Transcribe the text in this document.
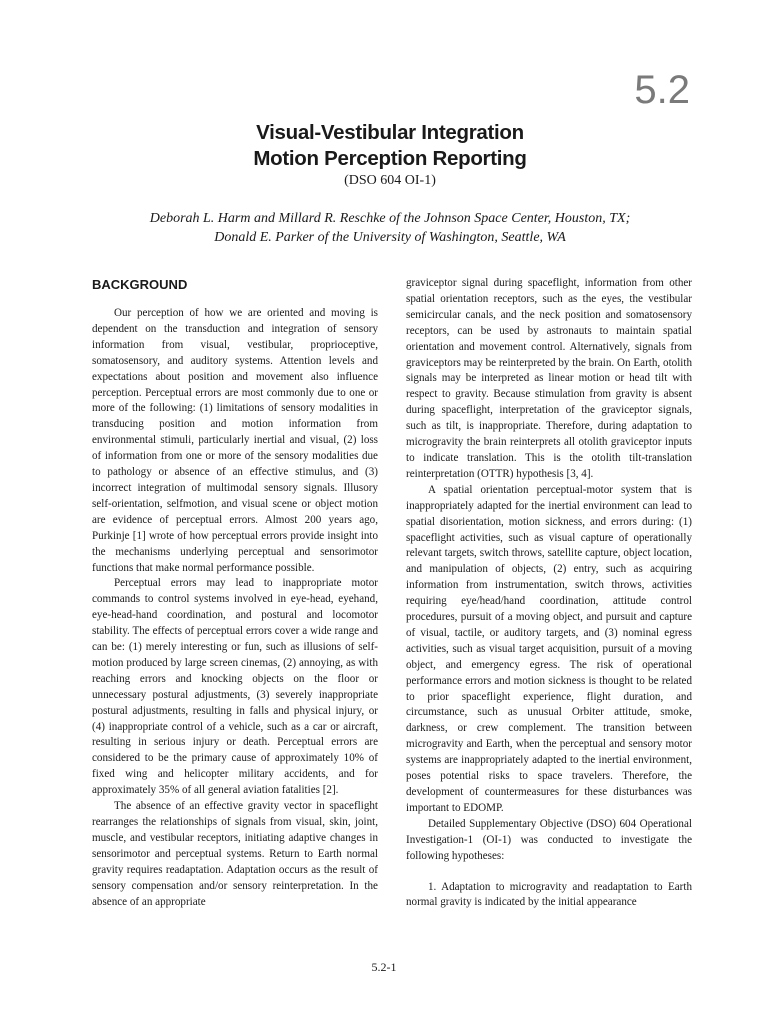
5.2
Visual-Vestibular Integration
Motion Perception Reporting
(DSO 604 OI-1)
Deborah L. Harm and Millard R. Reschke of the Johnson Space Center, Houston, TX;
Donald E. Parker of the University of Washington, Seattle, WA
BACKGROUND

Our perception of how we are oriented and moving is dependent on the transduction and integration of sensory information from visual, vestibular, proprioceptive, somatosensory, and auditory systems. Attention levels and expectations about position and movement also influence perception. Perceptual errors are most commonly due to one or more of the following: (1) limitations of sensory modalities in transducing position and motion information from environmental stimuli, particularly inertial and visual, (2) loss of information from one or more of the sensory modalities due to pathology or absence of an effective stimulus, and (3) incorrect integration of multimodal sensory signals. Illusory self-orientation, selfmotion, and visual scene or object motion are evidence of perceptual errors. Almost 200 years ago, Purkinje [1] wrote of how perceptual errors provide insight into the mechanisms underlying perceptual and sensorimotor functions that make normal performance possible.

Perceptual errors may lead to inappropriate motor commands to control systems involved in eye-head, eyehand, eye-head-hand coordination, and postural and locomotor stability. The effects of perceptual errors cover a wide range and can be: (1) merely interesting or fun, such as illusions of self-motion produced by large screen cinemas, (2) annoying, as with reaching errors and knocking objects on the floor or unnecessary postural adjustments, (3) severely inappropriate postural adjustments, resulting in falls and physical injury, or (4) inappropriate control of a vehicle, such as a car or aircraft, resulting in serious injury or death. Perceptual errors are considered to be the primary cause of approximately 10% of fixed wing and helicopter military accidents, and for approximately 35% of all general aviation fatalities [2].

The absence of an effective gravity vector in spaceflight rearranges the relationships of signals from visual, skin, joint, muscle, and vestibular receptors, initiating adaptive changes in sensorimotor and perceptual systems. Return to Earth normal gravity requires readaptation. Adaptation occurs as the result of sensory compensation and/or sensory reinterpretation. In the absence of an appropriate

graviceptor signal during spaceflight, information from other spatial orientation receptors, such as the eyes, the vestibular semicircular canals, and the neck position and somatosensory receptors, can be used by astronauts to maintain spatial orientation and movement control. Alternatively, signals from graviceptors may be reinterpreted by the brain. On Earth, otolith signals may be interpreted as linear motion or head tilt with respect to gravity. Because stimulation from gravity is absent during spaceflight, interpretation of the graviceptor signals, such as tilt, is inappropriate. Therefore, during adaptation to microgravity the brain reinterprets all otolith graviceptor inputs to indicate translation. This is the otolith tilt-translation reinterpretation (OTTR) hypothesis [3, 4].

A spatial orientation perceptual-motor system that is inappropriately adapted for the inertial environment can lead to spatial disorientation, motion sickness, and errors during: (1) spaceflight activities, such as visual capture of operationally relevant targets, switch throws, satellite capture, object location, and manipulation of objects, (2) entry, such as acquiring information from instrumentation, switch throws, activities requiring eye/head/hand coordination, attitude control procedures, pursuit of a moving object, and pursuit and capture of visual, tactile, or auditory targets, and (3) nominal egress activities, such as visual target acquisition, pursuit of a moving object, and emergency egress. The risk of operational performance errors and motion sickness is thought to be related to prior spaceflight experience, flight duration, and circumstance, such as unusual Orbiter attitude, smoke, darkness, or crew complement. The transition between microgravity and Earth, when the perceptual and sensory motor systems are inappropriately adapted to the inertial environment, poses potential risks to space travelers. Therefore, the development of countermeasures for these disturbances was important to EDOMP.

Detailed Supplementary Objective (DSO) 604 Operational Investigation-1 (OI-1) was conducted to investigate the following hypotheses:

1. Adaptation to microgravity and readaptation to Earth normal gravity is indicated by the initial appearance

5.2-1
